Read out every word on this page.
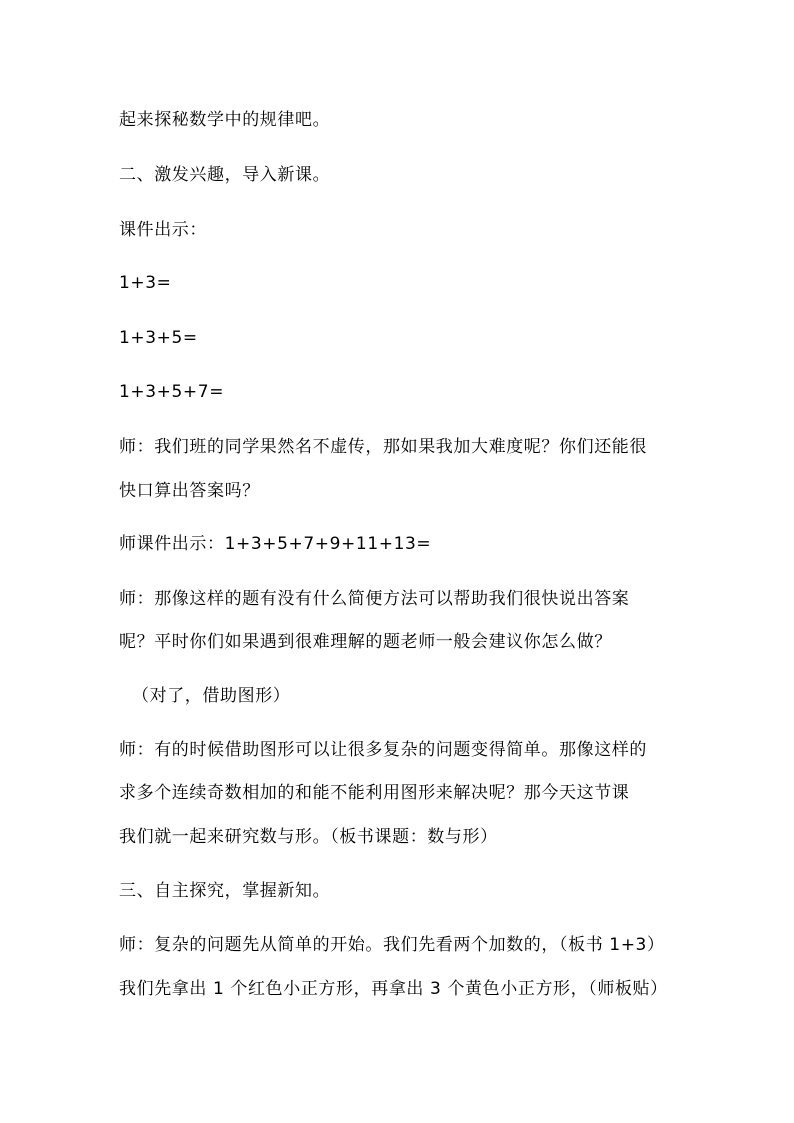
起来探秘数学中的规律吧。
二、激发兴趣，导入新课。
课件出示：
1+3=
1+3+5=
1+3+5+7=
师：我们班的同学果然名不虚传，那如果我加大难度呢？你们还能很
快口算出答案吗？
师课件出示：1+3+5+7+9+11+13=
师：那像这样的题有没有什么简便方法可以帮助我们很快说出答案
呢？平时你们如果遇到很难理解的题老师一般会建议你怎么做？
（对了，借助图形）
师：有的时候借助图形可以让很多复杂的问题变得简单。那像这样的
求多个连续奇数相加的和能不能利用图形来解决呢？那今天这节课
我们就一起来研究数与形。（板书课题：数与形）
三、自主探究，掌握新知。
师：复杂的问题先从简单的开始。我们先看两个加数的，（板书 1+3）
我们先拿出 1 个红色小正方形，再拿出 3 个黄色小正方形，（师板贴）
